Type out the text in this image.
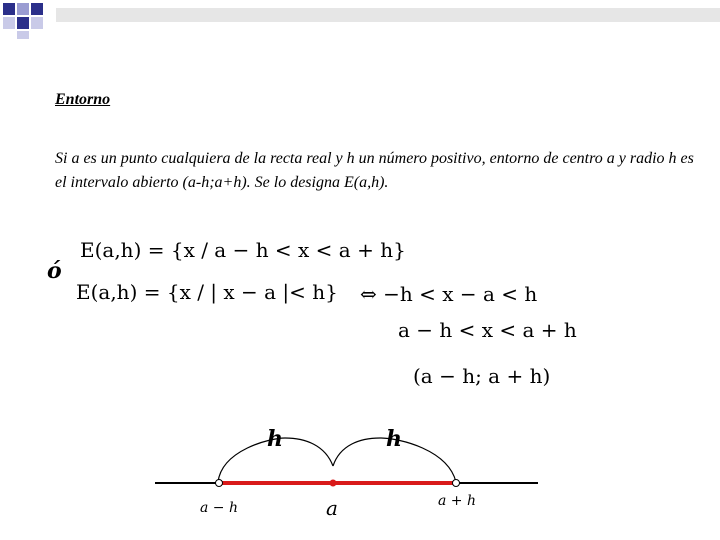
Entorno
Si a es un punto cualquiera de la recta real y h un número positivo, entorno de centro a y radio h es el intervalo abierto (a-h;a+h). Se lo designa E(a,h).
E(a,h) = {x / a − h < x < a + h}
ó
E(a,h) = {x / | x − a |< h} ⇔ −h < x − a < h
a − h < x < a + h
(a − h; a + h)
h	h
a − h	a	a + h
